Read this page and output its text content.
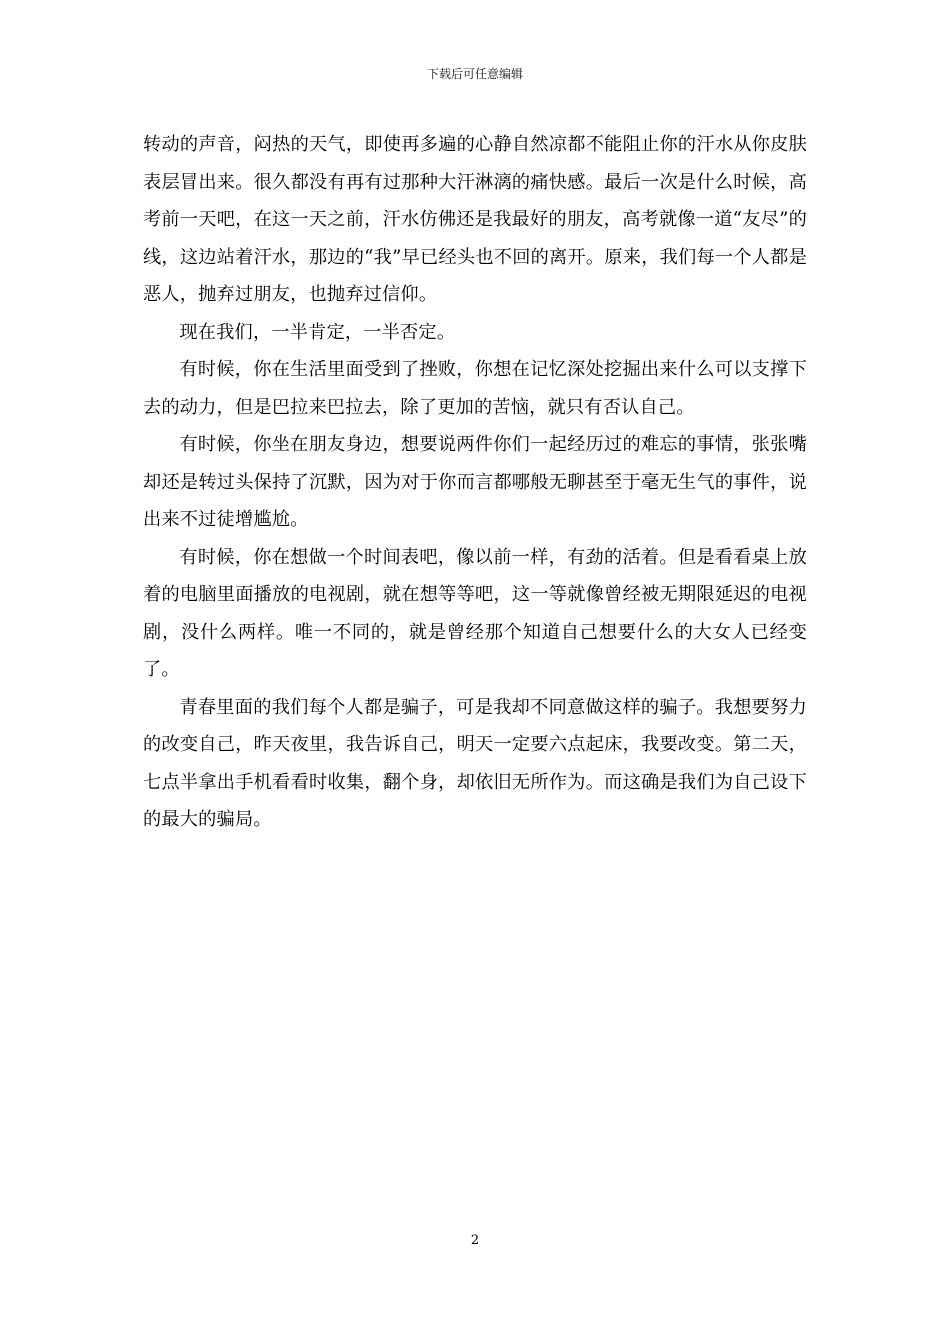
下载后可任意编辑

转动的声音，闷热的天气，即使再多遍的心静自然凉都不能阻止你的汗水从你皮肤表层冒出来。很久都没有再有过那种大汗淋漓的痛快感。最后一次是什么时候，高考前一天吧，在这一天之前，汗水仿佛还是我最好的朋友，高考就像一道“友尽”的线，这边站着汗水，那边的“我”早已经头也不回的离开。原来，我们每一个人都是恶人，抛弃过朋友，也抛弃过信仰。

现在我们，一半肯定，一半否定。

有时候，你在生活里面受到了挫败，你想在记忆深处挖掘出来什么可以支撑下去的动力，但是巴拉来巴拉去，除了更加的苦恼，就只有否认自己。

有时候，你坐在朋友身边，想要说两件你们一起经历过的难忘的事情，张张嘴却还是转过头保持了沉默，因为对于你而言都哪般无聊甚至于毫无生气的事件，说出来不过徒增尴尬。

有时候，你在想做一个时间表吧，像以前一样，有劲的活着。但是看看桌上放着的电脑里面播放的电视剧，就在想等等吧，这一等就像曾经被无期限延迟的电视剧，没什么两样。唯一不同的，就是曾经那个知道自己想要什么的大女人已经变了。

青春里面的我们每个人都是骗子，可是我却不同意做这样的骗子。我想要努力的改变自己，昨天夜里，我告诉自己，明天一定要六点起床，我要改变。第二天，七点半拿出手机看看时收集，翻个身，却依旧无所作为。而这确是我们为自己设下的最大的骗局。

2
